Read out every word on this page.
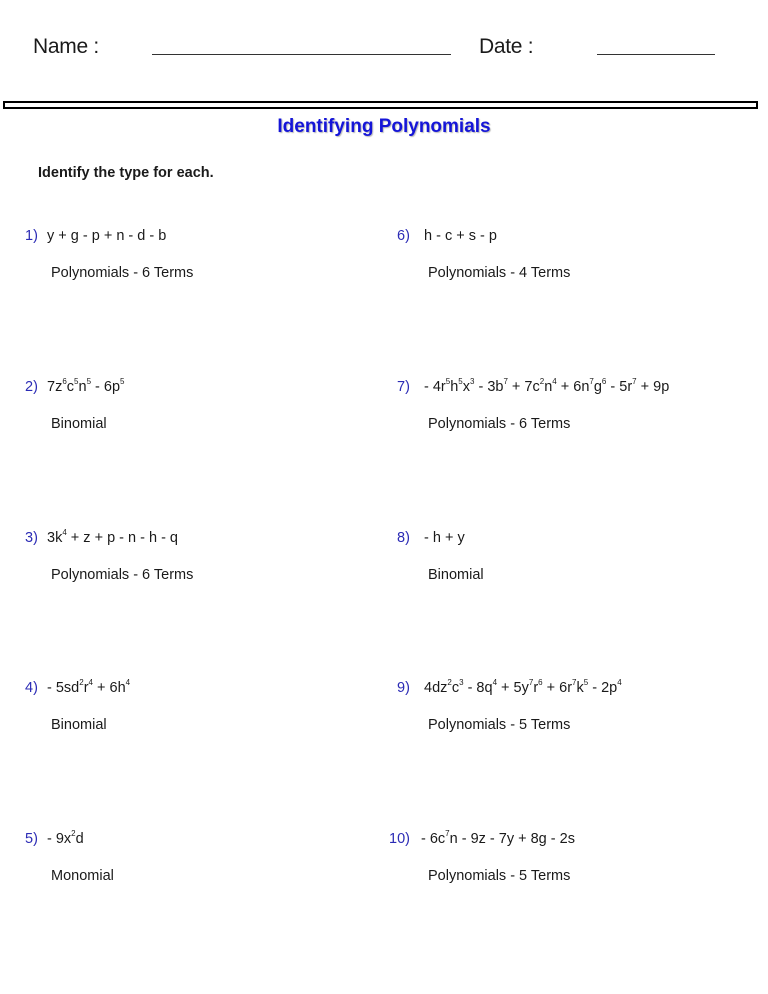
Name :	Date :
Identifying Polynomials
Identify the type for each.
1) y + g - p + n - d - b
Polynomials - 6 Terms
2) $7z^6c^5n^5 - 6p^5$
Binomial
3) $3k^4 + z + p - n - h - q$
Polynomials - 6 Terms
$4) - 5sd^2r^4 + 6h^4$
Binomial
$5) - 9x^2d$
Monomial
6) h - c + s - p
Polynomials - 4 Terms
$7) - 4r^5h^5x^3 - 3b^7 + 7c^2n^4 + 6n^7g^6 - 5r^7 + 9p$
Polynomials - 6 Terms
8) - h + y
Binomial
9) $4dz^2c^3 - 8q^4 + 5y^7r^6 + 6r^7k^5 - 2p^4$
Polynomials - 5 Terms
$10) - 6c^7n - 9z - 7y + 8g - 2s$
Polynomials - 5 Terms
